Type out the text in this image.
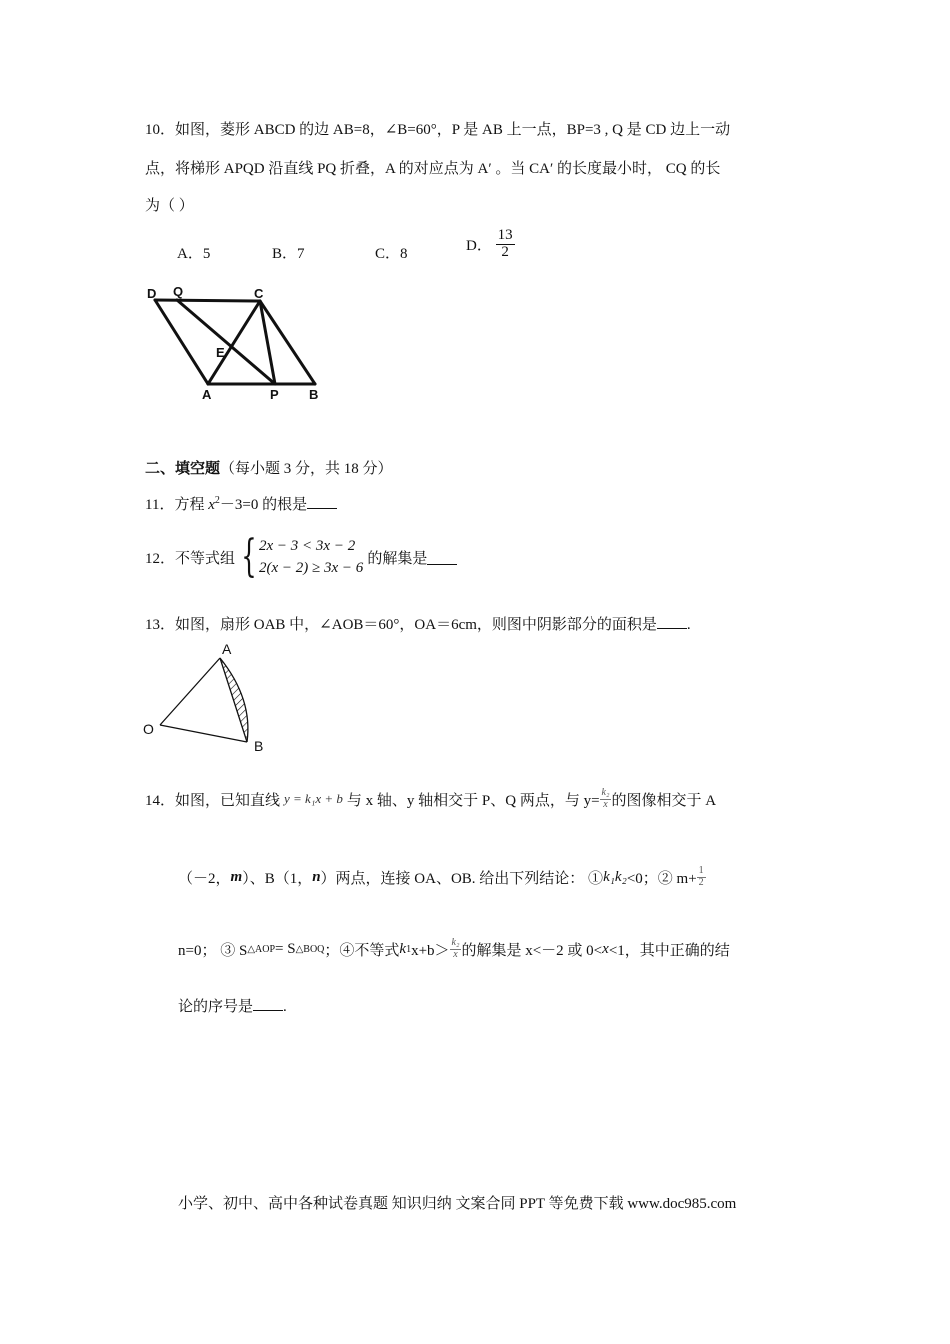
10．如图，菱形 ABCD 的边 AB=8，∠B=60°，P 是 AB 上一点，BP=3 , Q 是 CD 边上一动
点，将梯形 APQD 沿直线 PQ 折叠，A 的对应点为 A′ 。当 CA′ 的长度最小时， CQ 的长
为（ ）
A．5	B．7	C．8
D． $\frac{13}{2}$
D Q	C
E
A	P B
二、填空题（每小题 3 分，共 18 分）
11．方程 $x^2-3=0$ 的根是
12．不等式组 { 2x − 3 < 3x − 2
2(x − 2) ≥ 3x − 6
的解集是
13．如图，扇形 OAB 中，∠AOB＝60°，OA＝6cm，则图中阴影部分的面积是 .
A
O
B
14．如图，已知直线 y = k₁x + b 与 x 轴、y 轴相交于 P、Q 两点，与 $y= \frac{\text{k₂}}{x}$ 的图像相交于 A
（－2， m ）、B（1， n ）两点，连接 OA、OB. 给出下列结论： ① k₁k₂ <0；② $m+ \frac{1}{2}$
n=0； ③ S △AOP = S △BOQ ；④不等式 k 1 $x+b> \frac{\text{k₂}}{x}$ 的解集是 x<－2 或 0< x <1，其中正确的结
论的序号是 .
小学、初中、高中各种试卷真题 知识归纳 文案合同 PPT 等免费下载 www.doc985.com
